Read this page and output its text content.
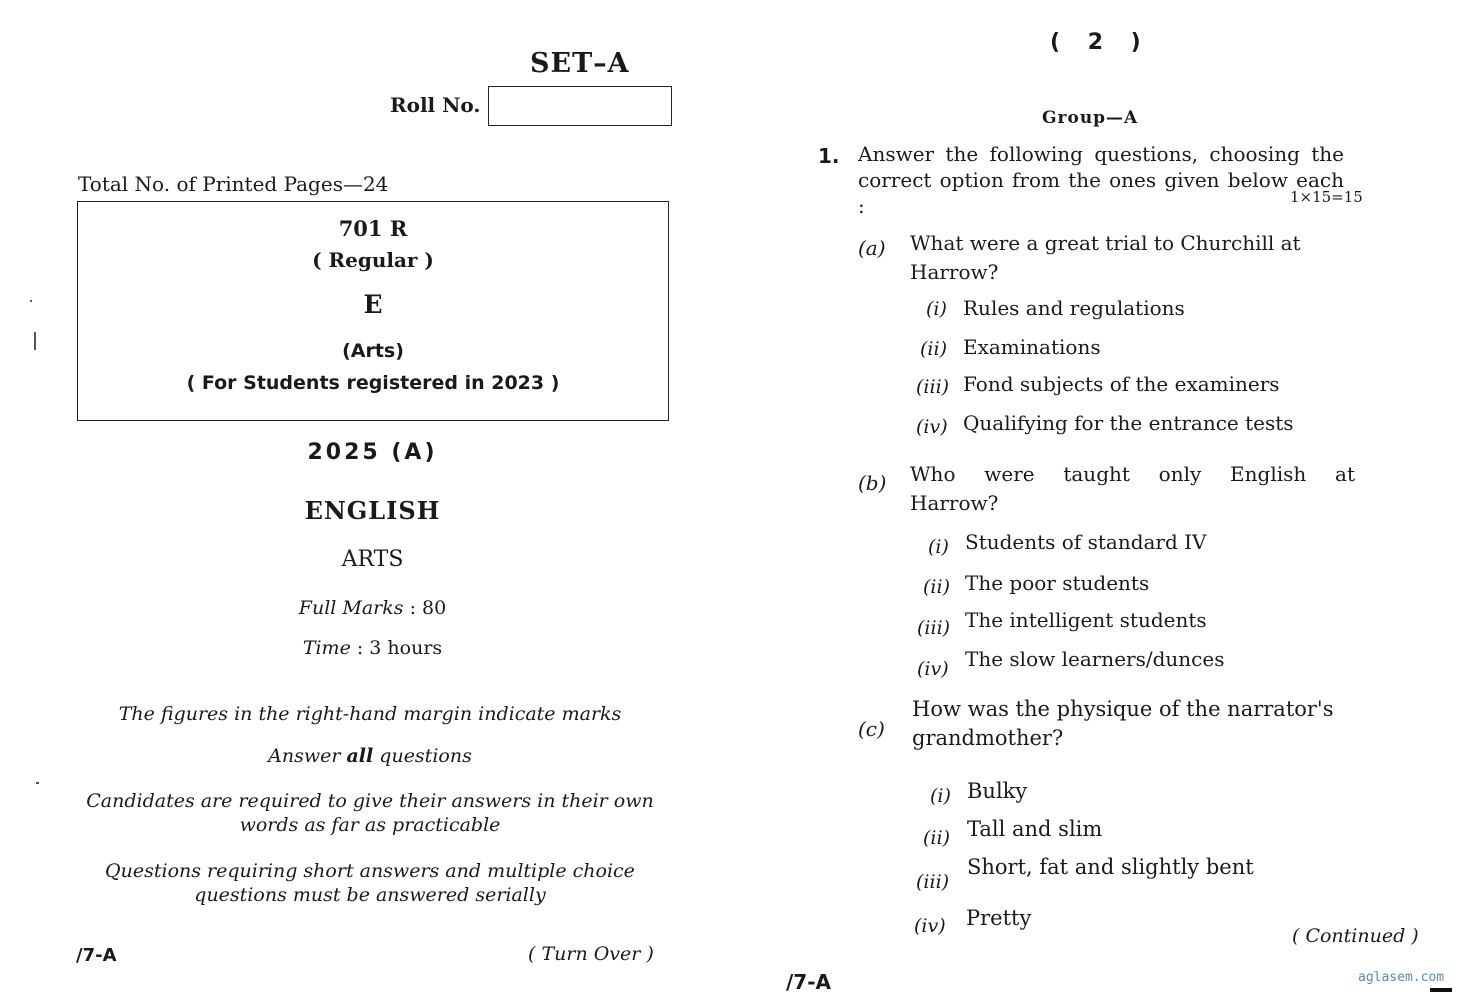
SET–A
Roll No.
Total No. of Printed Pages—24
701 R
( Regular )
E
(Arts)
( For Students registered in 2023 )
2025 (A)
ENGLISH
ARTS
Full Marks : 80
Time : 3 hours
The figures in the right-hand margin indicate marks
Answer all questions
Candidates are required to give their answers in their own words as far as practicable
Questions requiring short answers and multiple choice questions must be answered serially
/7-A	( Turn Over )
( 2 )
Group—A
1. Answer the following questions, choosing the correct option from the ones given below each :	1×15=15
(a) What were a great trial to Churchill at Harrow?
(i) Rules and regulations
(ii) Examinations
(iii) Fond subjects of the examiners
(iv) Qualifying for the entrance tests
(b) Who were taught only English at Harrow?
(i) Students of standard IV
(ii) The poor students
(iii) The intelligent students
(iv) The slow learners/dunces
(c)
How was the physique of the narrator's grandmother?
(i) Bulky
(ii) Tall and slim
(iii)
Short, fat and slightly bent
(iv) Pretty
( Continued )
/7-A	aglasem.com
